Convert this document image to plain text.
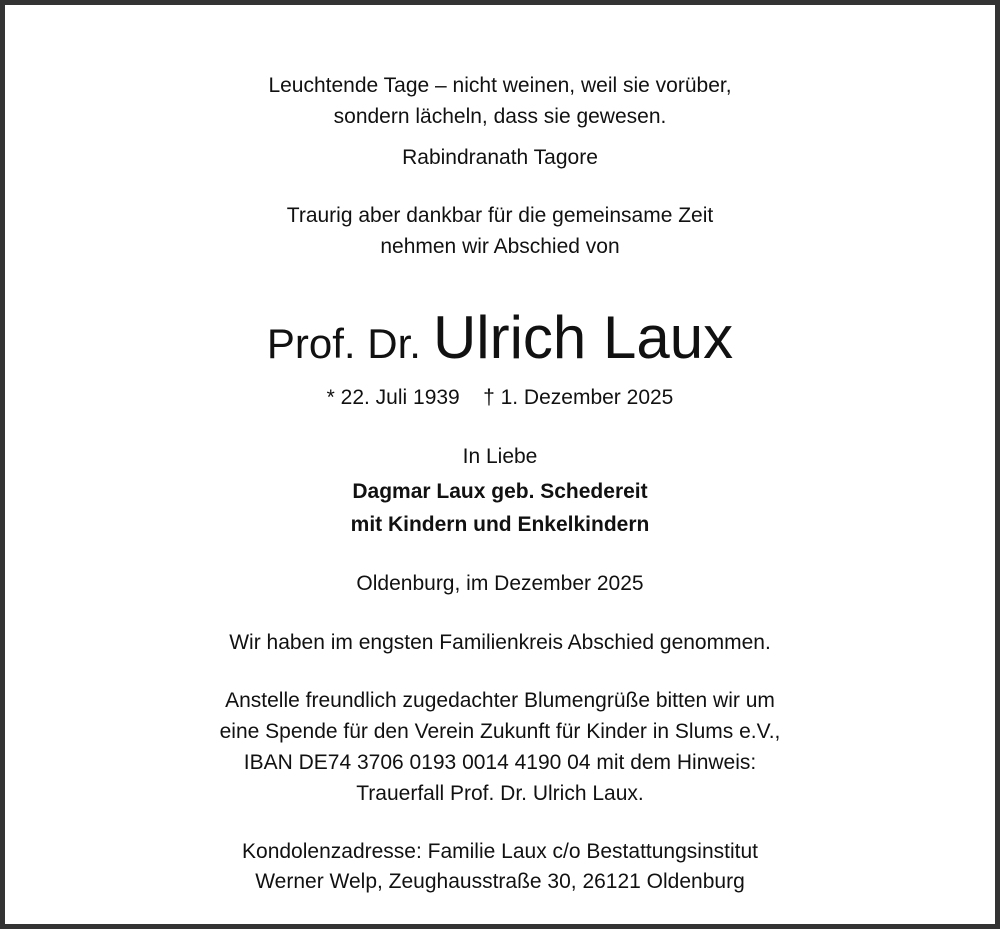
Leuchtende Tage – nicht weinen, weil sie vorüber,
sondern lächeln, dass sie gewesen.
Rabindranath Tagore
Traurig aber dankbar für die gemeinsame Zeit
nehmen wir Abschied von
Prof. Dr. Ulrich Laux
* 22. Juli 1939    † 1. Dezember 2025
In Liebe
Dagmar Laux geb. Schedereit
mit Kindern und Enkelkindern
Oldenburg, im Dezember 2025
Wir haben im engsten Familienkreis Abschied genommen.
Anstelle freundlich zugedachter Blumengrüße bitten wir um
eine Spende für den Verein Zukunft für Kinder in Slums e.V.,
IBAN DE74 3706 0193 0014 4190 04 mit dem Hinweis:
Trauerfall Prof. Dr. Ulrich Laux.
Kondolenzadresse: Familie Laux c/o Bestattungsinstitut
Werner Welp, Zeughausstraße 30, 26121 Oldenburg
